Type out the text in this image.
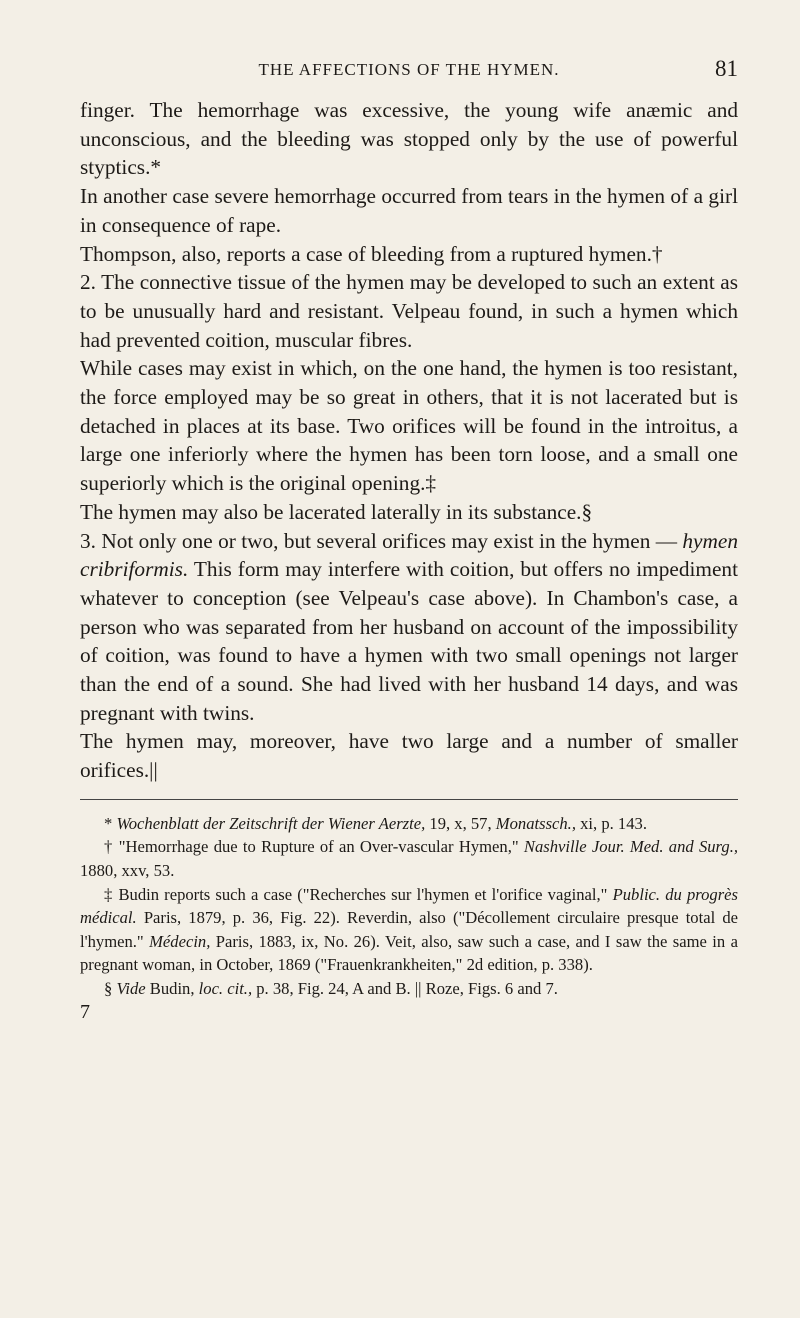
THE AFFECTIONS OF THE HYMEN.	81

finger. The hemorrhage was excessive, the young wife anæmic and unconscious, and the bleeding was stopped only by the use of powerful styptics.*

In another case severe hemorrhage occurred from tears in the hymen of a girl in consequence of rape.

Thompson, also, reports a case of bleeding from a ruptured hymen.†

2. The connective tissue of the hymen may be developed to such an extent as to be unusually hard and resistant. Velpeau found, in such a hymen which had prevented coition, muscular fibres.

While cases may exist in which, on the one hand, the hymen is too resistant, the force employed may be so great in others, that it is not lacerated but is detached in places at its base. Two orifices will be found in the introitus, a large one inferiorly where the hymen has been torn loose, and a small one superiorly which is the original opening.‡

The hymen may also be lacerated laterally in its substance.§

3. Not only one or two, but several orifices may exist in the hymen — hymen cribriformis. This form may interfere with coition, but offers no impediment whatever to conception (see Velpeau's case above). In Chambon's case, a person who was separated from her husband on account of the impossibility of coition, was found to have a hymen with two small openings not larger than the end of a sound. She had lived with her husband 14 days, and was pregnant with twins.

The hymen may, moreover, have two large and a number of smaller orifices.||

* Wochenblatt der Zeitschrift der Wiener Aerzte, 19, x, 57, Monatssch., xi, p. 143.

† "Hemorrhage due to Rupture of an Over-vascular Hymen," Nashville Jour. Med. and Surg., 1880, xxv, 53.

‡ Budin reports such a case ("Recherches sur l'hymen et l'orifice vaginal," Public. du progrès médical. Paris, 1879, p. 36, Fig. 22). Reverdin, also ("Décollement circulaire presque total de l'hymen." Médecin, Paris, 1883, ix, No. 26). Veit, also, saw such a case, and I saw the same in a pregnant woman, in October, 1869 ("Frauenkrankheiten," 2d edition, p. 338).

§ Vide Budin, loc. cit., p. 38, Fig. 24, A and B. || Roze, Figs. 6 and 7.

7
